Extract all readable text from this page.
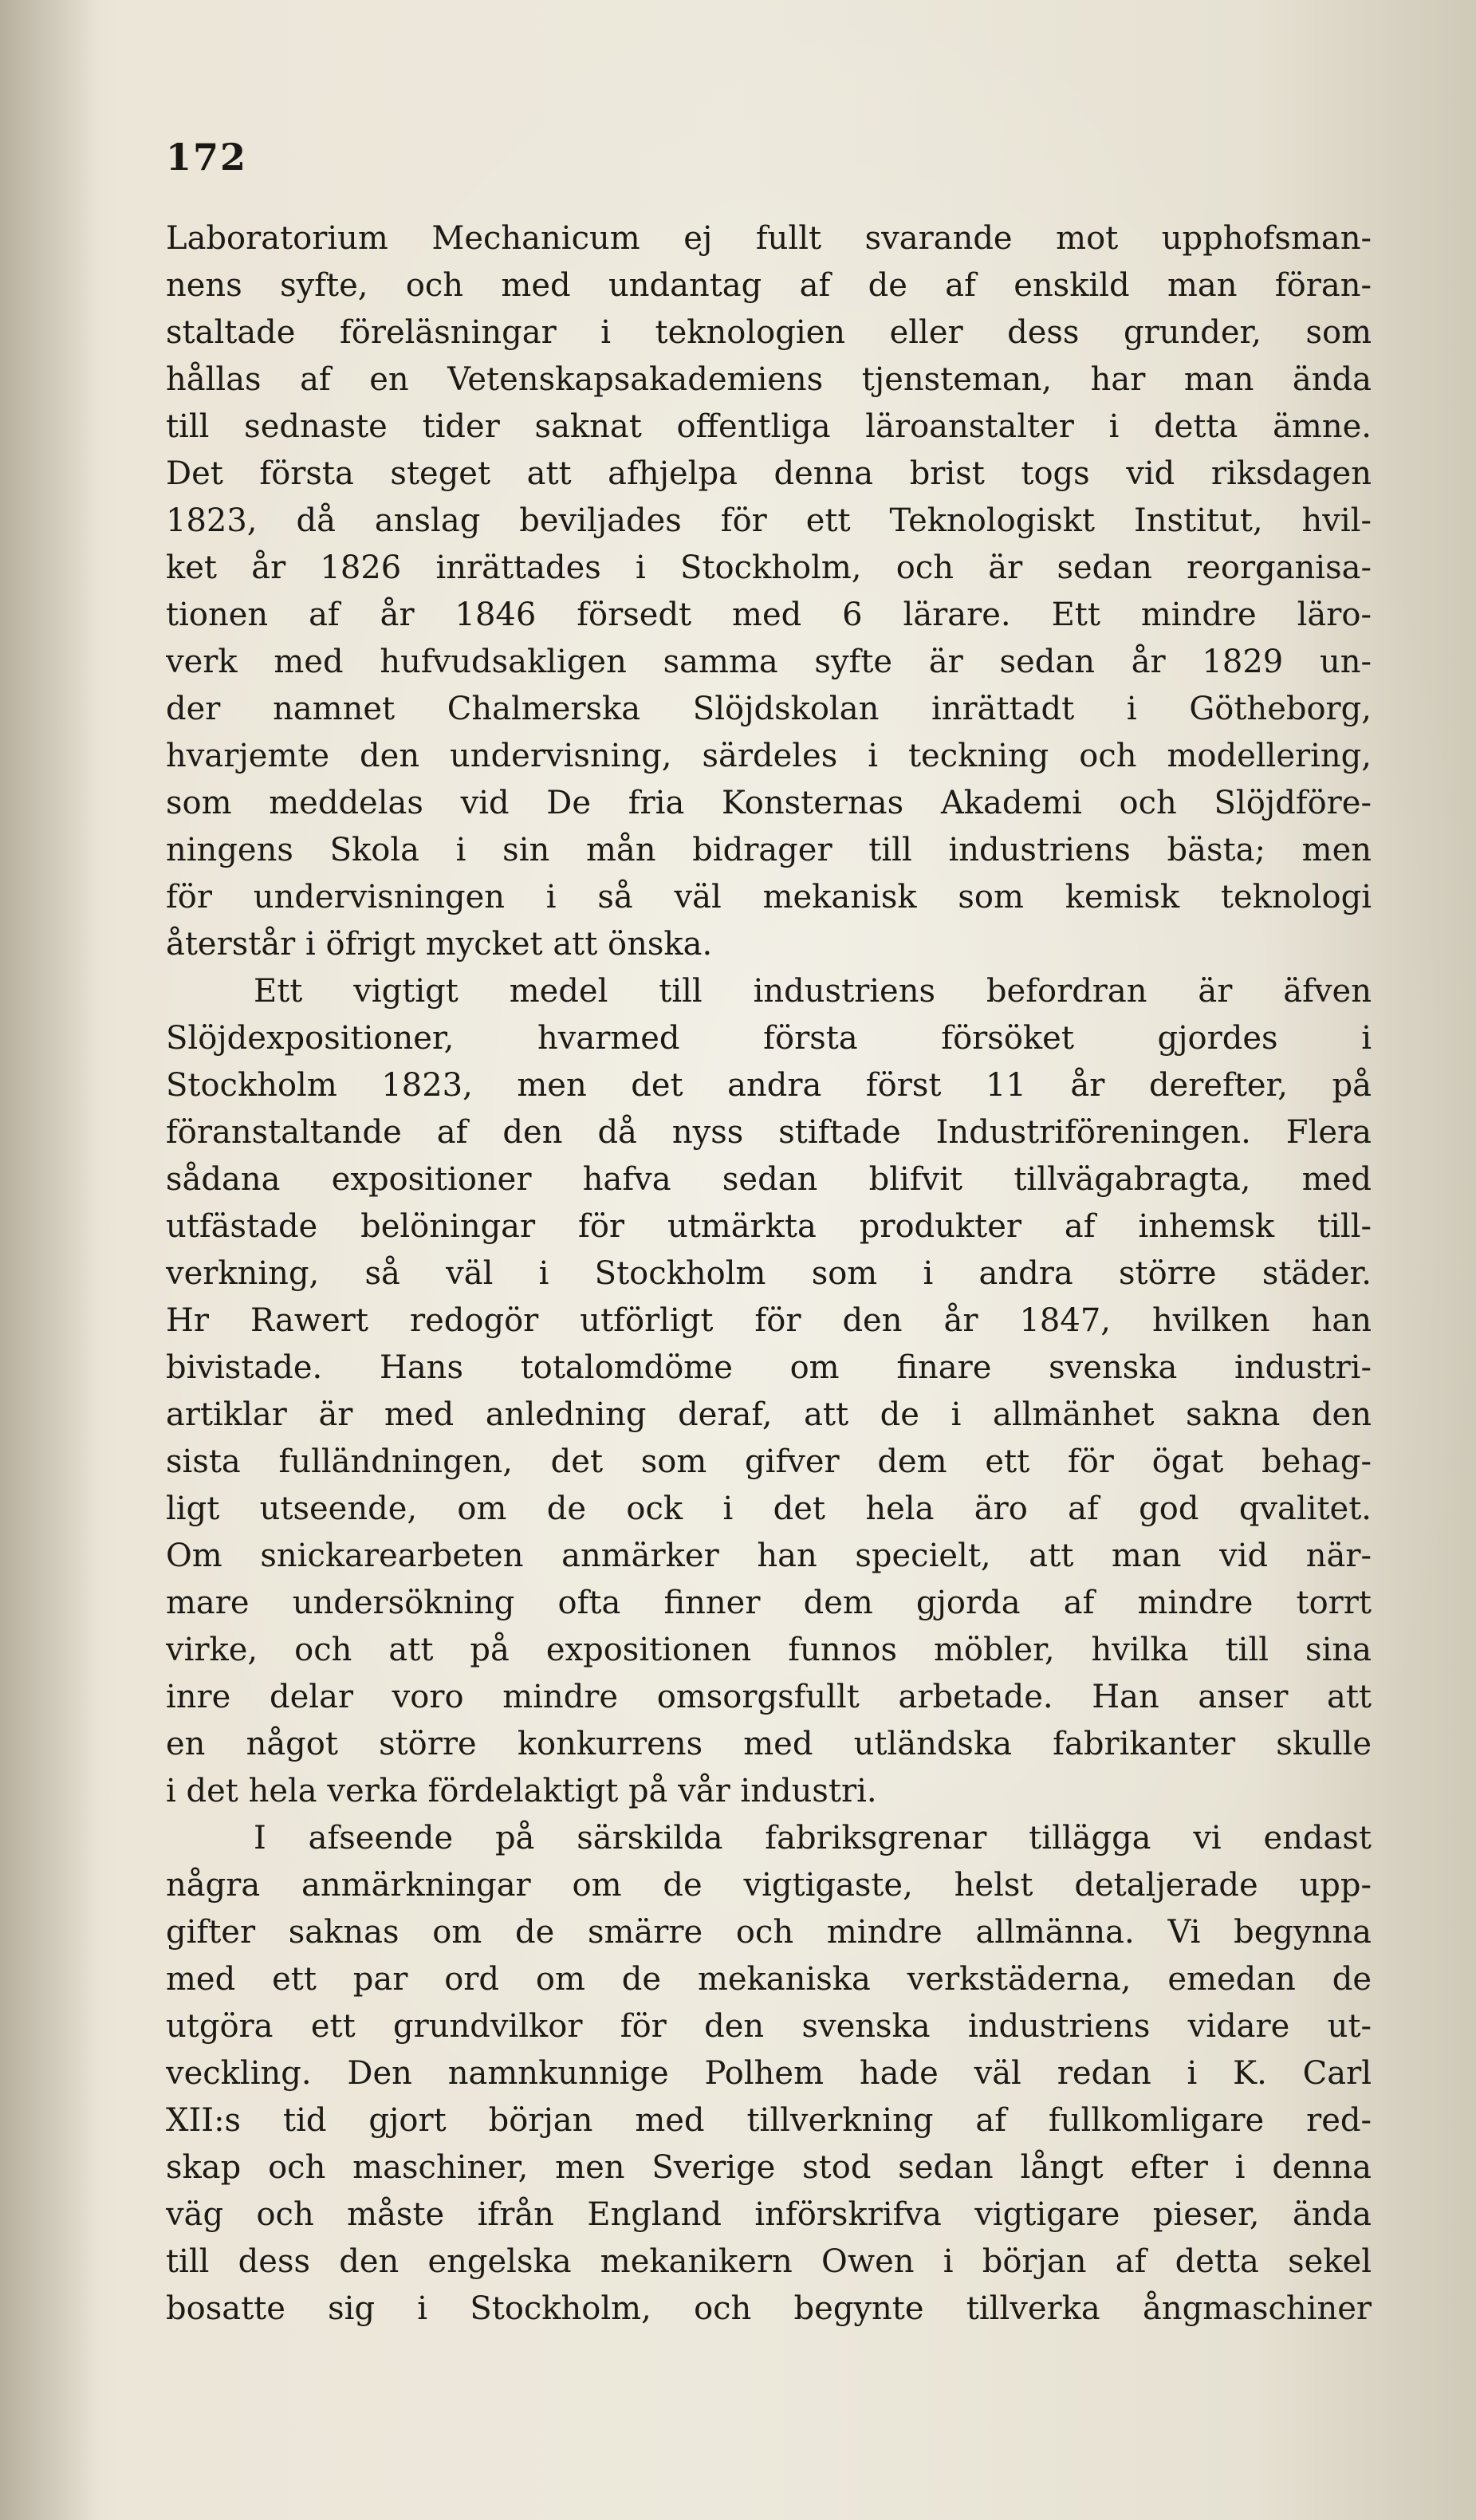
172
Laboratorium Mechanicum ej fullt svarande mot upphofsman-
nens syfte, och med undantag af de af enskild man föran-
staltade föreläsningar i teknologien eller dess grunder, som
hållas af en Vetenskapsakademiens tjensteman, har man ända
till sednaste tider saknat offentliga läroanstalter i detta ämne.
Det första steget att afhjelpa denna brist togs vid riksdagen
1823, då anslag beviljades för ett Teknologiskt Institut, hvil-
ket år 1826 inrättades i Stockholm, och är sedan reorganisa-
tionen af år 1846 försedt med 6 lärare. Ett mindre läro-
verk med hufvudsakligen samma syfte är sedan år 1829 un-
der namnet Chalmerska Slöjdskolan inrättadt i Götheborg,
hvarjemte den undervisning, särdeles i teckning och modellering,
som meddelas vid De fria Konsternas Akademi och Slöjdföre-
ningens Skola i sin mån bidrager till industriens bästa; men
för undervisningen i så väl mekanisk som kemisk teknologi
återstår i öfrigt mycket att önska.
Ett vigtigt medel till industriens befordran är äfven
Slöjdexpositioner, hvarmed första försöket gjordes i
Stockholm 1823, men det andra först 11 år derefter, på
föranstaltande af den då nyss stiftade Industriföreningen. Flera
sådana expositioner hafva sedan blifvit tillvägabragta, med
utfästade belöningar för utmärkta produkter af inhemsk till-
verkning, så väl i Stockholm som i andra större städer.
Hr Rawert redogör utförligt för den år 1847, hvilken han
bivistade. Hans totalomdöme om finare svenska industri-
artiklar är med anledning deraf, att de i allmänhet sakna den
sista fulländningen, det som gifver dem ett för ögat behag-
ligt utseende, om de ock i det hela äro af god qvalitet.
Om snickarearbeten anmärker han specielt, att man vid när-
mare undersökning ofta finner dem gjorda af mindre torrt
virke, och att på expositionen funnos möbler, hvilka till sina
inre delar voro mindre omsorgsfullt arbetade. Han anser att
en något större konkurrens med utländska fabrikanter skulle
i det hela verka fördelaktigt på vår industri.
I afseende på särskilda fabriksgrenar tillägga vi endast
några anmärkningar om de vigtigaste, helst detaljerade upp-
gifter saknas om de smärre och mindre allmänna. Vi begynna
med ett par ord om de mekaniska verkstäderna, emedan de
utgöra ett grundvilkor för den svenska industriens vidare ut-
veckling. Den namnkunnige Polhem hade väl redan i K. Carl
XII:s tid gjort början med tillverkning af fullkomligare red-
skap och maschiner, men Sverige stod sedan långt efter i denna
väg och måste ifrån England införskrifva vigtigare pieser, ända
till dess den engelska mekanikern Owen i början af detta sekel
bosatte sig i Stockholm, och begynte tillverka ångmaschiner
